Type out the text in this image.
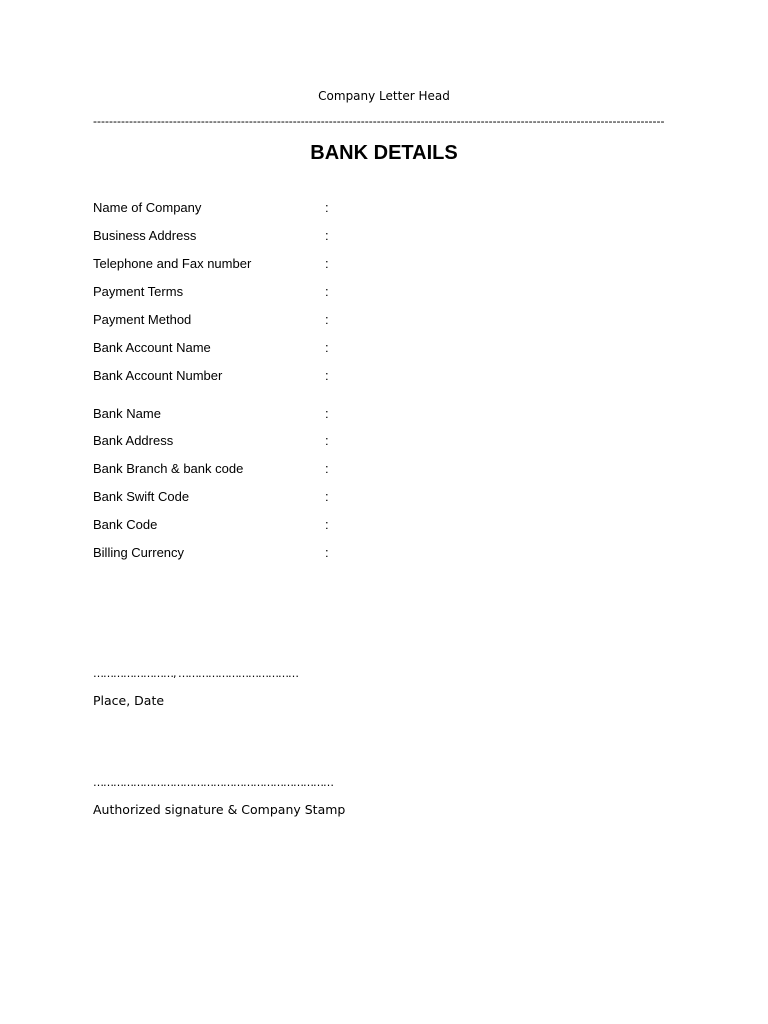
Company Letter Head
-----------------------------------------------------------------------------------------------------------------------------------------------
BANK DETAILS
Name of Company	:
Business Address	:
Telephone and Fax number	:
Payment Terms	:
Payment Method	:
Bank Account Name	:
Bank Account Number	:
Bank Name	:
Bank Address	:
Bank Branch & bank code	:
Bank Swift Code	:
Bank Code	:
Billing Currency	:
……………………, ………………………………
Place, Date
………………………………………………………………
Authorized signature & Company Stamp
